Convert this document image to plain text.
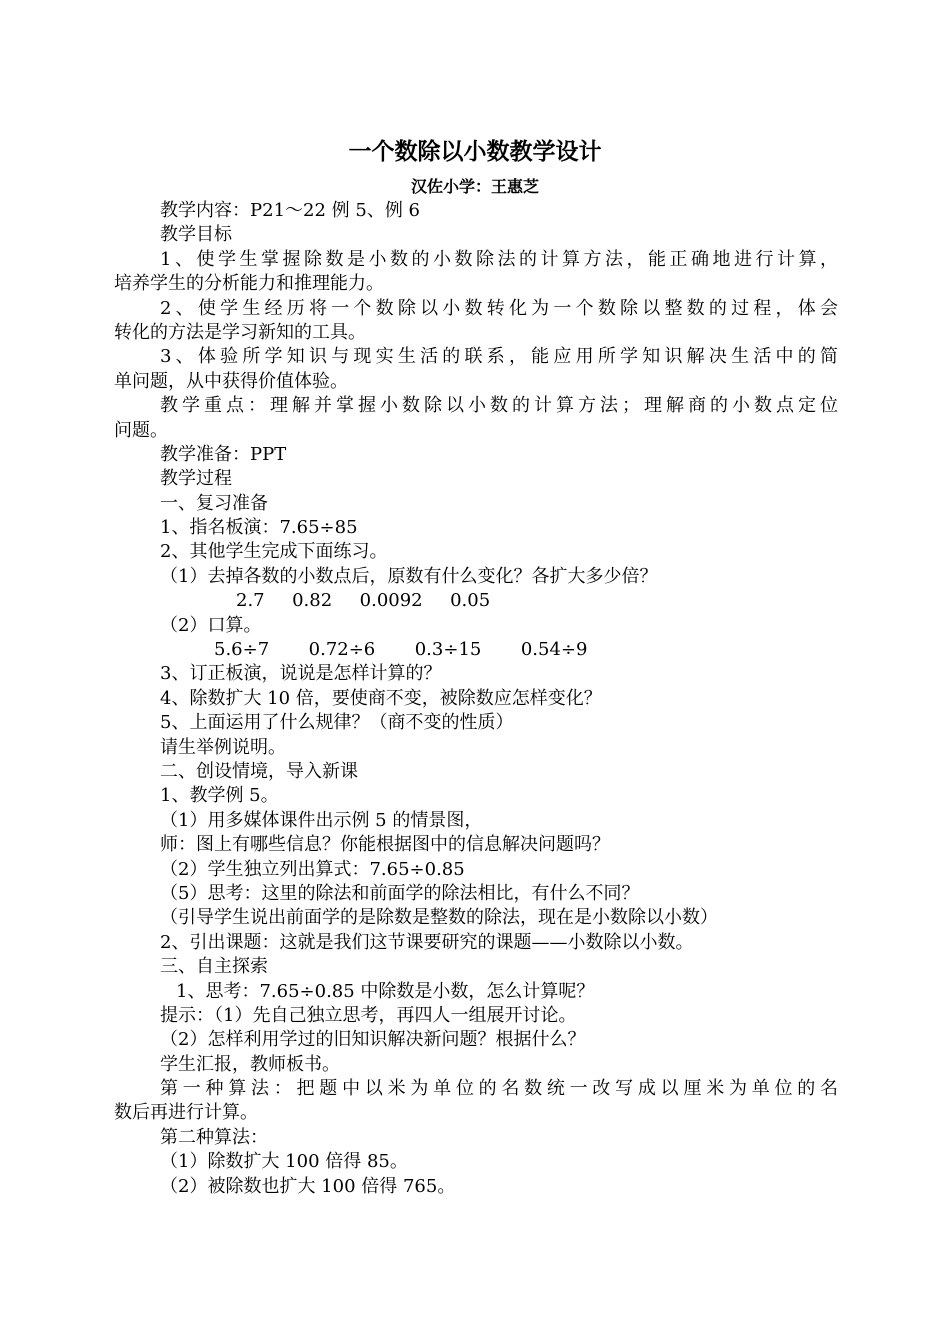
一个数除以小数教学设计
汉佐小学：王惠芝
教学内容：P21～22 例 5、例 6
教学目标
1、使学生掌握除数是小数的小数除法的计算方法，能正确地进行计算，
培养学生的分析能力和推理能力。
2、使学生经历将一个数除以小数转化为一个数除以整数的过程，体会
转化的方法是学习新知的工具。
3、体验所学知识与现实生活的联系，能应用所学知识解决生活中的简
单问题，从中获得价值体验。
教学重点：理解并掌握小数除以小数的计算方法；理解商的小数点定位
问题。
教学准备：PPT
教学过程
一、复习准备
1、指名板演：7.65÷85
2、其他学生完成下面练习。
（1）去掉各数的小数点后，原数有什么变化？各扩大多少倍？
2.7 0.82 0.0092 0.05
（2）口算。
5.6÷7 0.72÷6 0.3÷15 0.54÷9
3、订正板演，说说是怎样计算的？
4、除数扩大 10 倍，要使商不变，被除数应怎样变化？
5、上面运用了什么规律？（商不变的性质）
请生举例说明。
二、创设情境，导入新课
1、教学例 5。
（1）用多媒体课件出示例 5 的情景图，
师：图上有哪些信息？你能根据图中的信息解决问题吗？
（2）学生独立列出算式：7.65÷0.85
（5）思考：这里的除法和前面学的除法相比，有什么不同？
（引导学生说出前面学的是除数是整数的除法，现在是小数除以小数）
2、引出课题：这就是我们这节课要研究的课题——小数除以小数。
三、自主探索
1、思考：7.65÷0.85 中除数是小数，怎么计算呢？
提示：（1）先自己独立思考，再四人一组展开讨论。
（2）怎样利用学过的旧知识解决新问题？根据什么？
学生汇报，教师板书。
第一种算法：把题中以米为单位的名数统一改写成以厘米为单位的名
数后再进行计算。
第二种算法：
（1）除数扩大 100 倍得 85。
（2）被除数也扩大 100 倍得 765。
